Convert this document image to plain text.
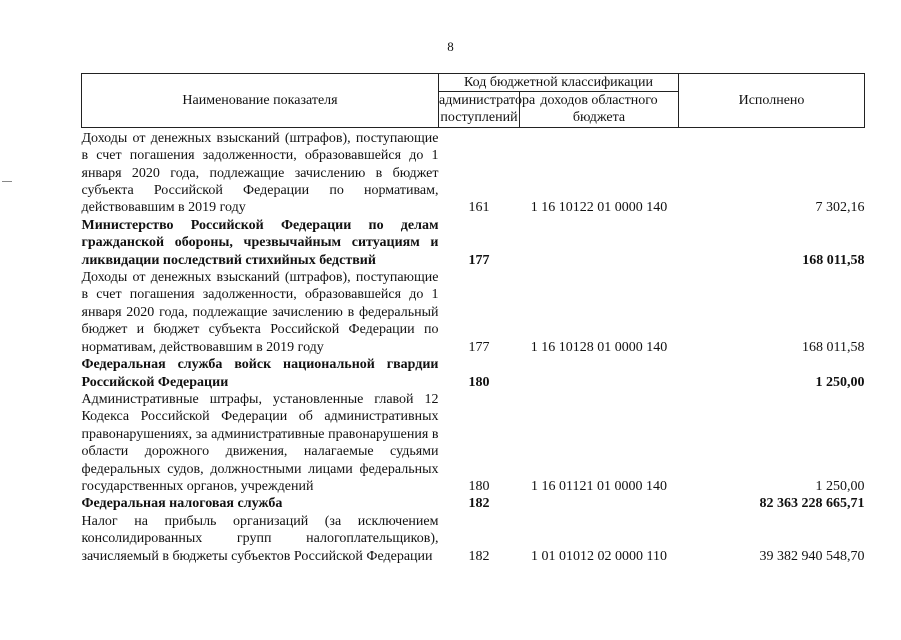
8
Наименование показателя	Код бюджетной классификации		Исполнено
	администратора поступлений	доходов областного бюджета	
Доходы от денежных взысканий (штрафов), поступающие в счет погашения задолженности, образовавшейся до 1 января 2020 года, подлежащие зачислению в бюджет субъекта Российской Федерации по нормативам, действовавшим в 2019 году	161	1 16 10122 01 0000 140	7 302,16
Министерство Российской Федерации по делам гражданской обороны, чрезвычайным ситуациям и ликвидации последствий стихийных бедствий	177		168 011,58
Доходы от денежных взысканий (штрафов), поступающие в счет погашения задолженности, образовавшейся до 1 января 2020 года, подлежащие зачислению в федеральный бюджет и бюджет субъекта Российской Федерации по нормативам, действовавшим в 2019 году	177	1 16 10128 01 0000 140	168 011,58
Федеральная служба войск национальной гвардии Российской Федерации	180		1 250,00
Административные штрафы, установленные главой 12 Кодекса Российской Федерации об административных правонарушениях, за административные правонарушения в области дорожного движения, налагаемые судьями федеральных судов, должностными лицами федеральных государственных органов, учреждений	180	1 16 01121 01 0000 140	1 250,00
Федеральная налоговая служба	182		82 363 228 665,71
Налог на прибыль организаций (за исключением консолидированных групп налогоплательщиков), зачисляемый в бюджеты субъектов Российской Федерации	182	1 01 01012 02 0000 110	39 382 940 548,70
